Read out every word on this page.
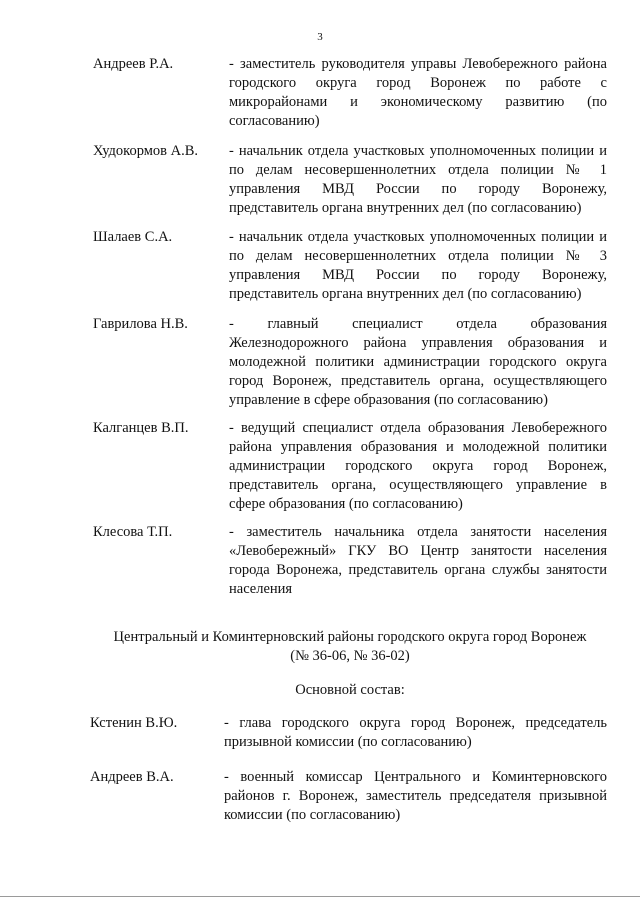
3
Андреев Р.А.	- заместитель руководителя управы Левобережного района городского округа город Воронеж по работе с микрорайонами и экономическому развитию (по согласованию)
Худокормов А.В. - начальник отдела участковых уполномоченных полиции и по делам несовершеннолетних отдела полиции № 1 управления МВД России по городу Воронежу, представитель органа внутренних дел (по согласованию)
Шалаев С.А.	- начальник отдела участковых уполномоченных полиции и по делам несовершеннолетних отдела полиции № 3 управления МВД России по городу Воронежу, представитель органа внутренних дел (по согласованию)
Гаврилова Н.В.	- главный специалист отдела образования Железнодорожного района управления образования и молодежной политики администрации городского округа город Воронеж, представитель органа, осуществляющего управление в сфере образования (по согласованию)
Калганцев В.П.	- ведущий специалист отдела образования Левобережного района управления образования и молодежной политики администрации городского округа город Воронеж, представитель органа, осуществляющего управление в сфере образования (по согласованию)
Клесова Т.П.	- заместитель начальника отдела занятости населения «Левобережный» ГКУ ВО Центр занятости населения города Воронежа, представитель органа службы занятости населения
Центральный и Коминтерновский районы городского округа город Воронеж
(№ 36-06, № 36-02)
Основной состав:
Кстенин В.Ю.	- глава городского округа город Воронеж, председатель призывной комиссии (по согласованию)
Андреев В.А.	- военный комиссар Центрального и Коминтерновского районов г. Воронеж, заместитель председателя призывной комиссии (по согласованию)
